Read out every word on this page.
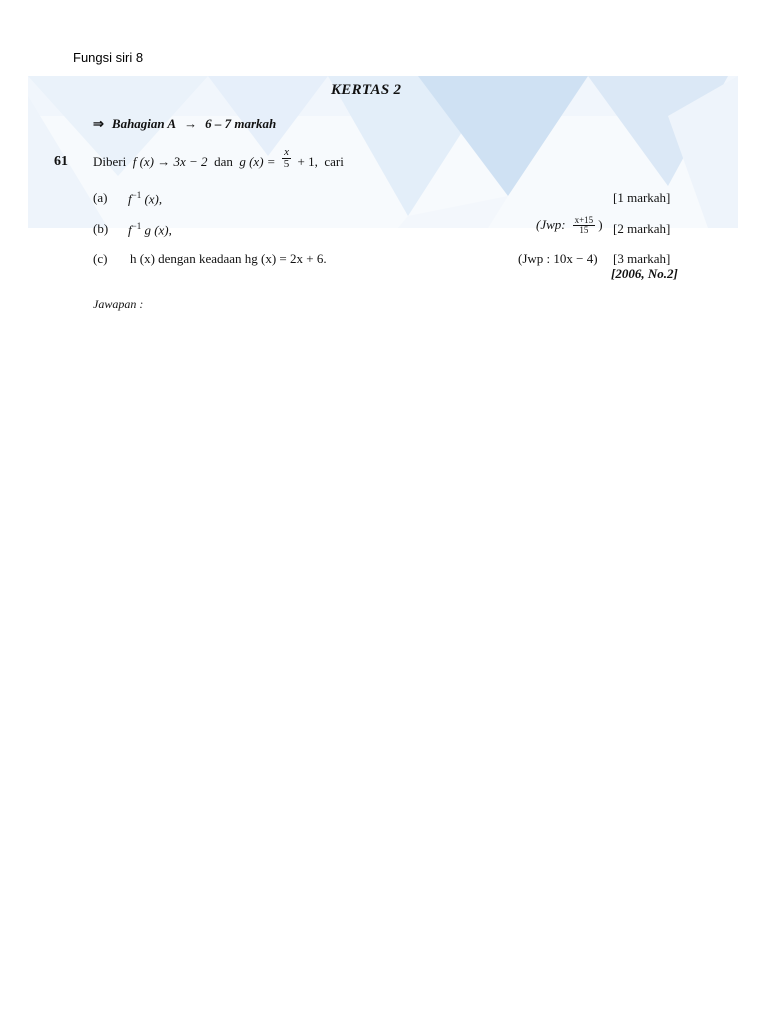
Fungsi siri 8
KERTAS 2
⇒ Bahagian A → 6 – 7 markah
61 Diberi f (x) → 3x − 2 dan g $(x) = \frac{x}{5} + 1$, cari
(a) $f^{-1}$ (x),	[1 markah]
(b) $f^{-1}$ g (x),	(Jwp: $\frac{x+15}{15}$ ) [2 markah]
(c) h (x) dengan keadaan hg (x) = 2x + 6.	(Jwp : 10x − 4) [3 markah]
[2006, No.2]
Jawapan :
